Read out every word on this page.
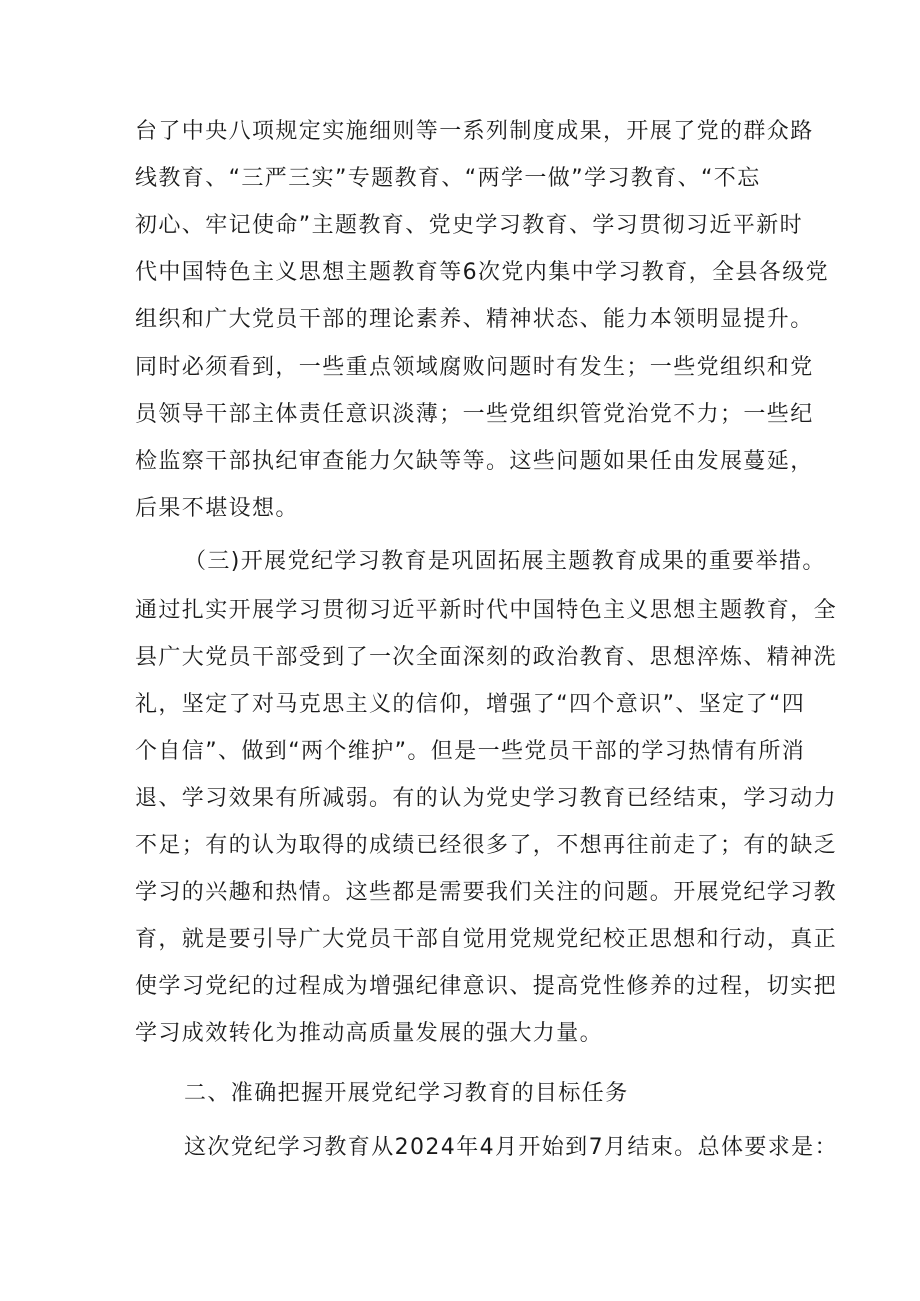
台了中央八项规定实施细则等一系列制度成果，开展了党的群众路
线教育、“三严三实”专题教育、“两学一做”学习教育、“不忘
初心、牢记使命”主题教育、党史学习教育、学习贯彻习近平新时
代中国特色主义思想主题教育等6次党内集中学习教育，全县各级党
组织和广大党员干部的理论素养、精神状态、能力本领明显提升。
同时必须看到，一些重点领域腐败问题时有发生；一些党组织和党
员领导干部主体责任意识淡薄；一些党组织管党治党不力；一些纪
检监察干部执纪审查能力欠缺等等。这些问题如果任由发展蔓延，
后果不堪设想。
（三)开展党纪学习教育是巩固拓展主题教育成果的重要举措。
通过扎实开展学习贯彻习近平新时代中国特色主义思想主题教育，全
县广大党员干部受到了一次全面深刻的政治教育、思想淬炼、精神洗
礼，坚定了对马克思主义的信仰，增强了“四个意识”、坚定了“四
个自信”、做到“两个维护”。但是一些党员干部的学习热情有所消
退、学习效果有所减弱。有的认为党史学习教育已经结束，学习动力
不足；有的认为取得的成绩已经很多了，不想再往前走了；有的缺乏
学习的兴趣和热情。这些都是需要我们关注的问题。开展党纪学习教
育，就是要引导广大党员干部自觉用党规党纪校正思想和行动，真正
使学习党纪的过程成为增强纪律意识、提高党性修养的过程，切实把
学习成效转化为推动高质量发展的强大力量。
二、准确把握开展党纪学习教育的目标任务
这次党纪学习教育从2024年4月开始到7月结束。总体要求是：
